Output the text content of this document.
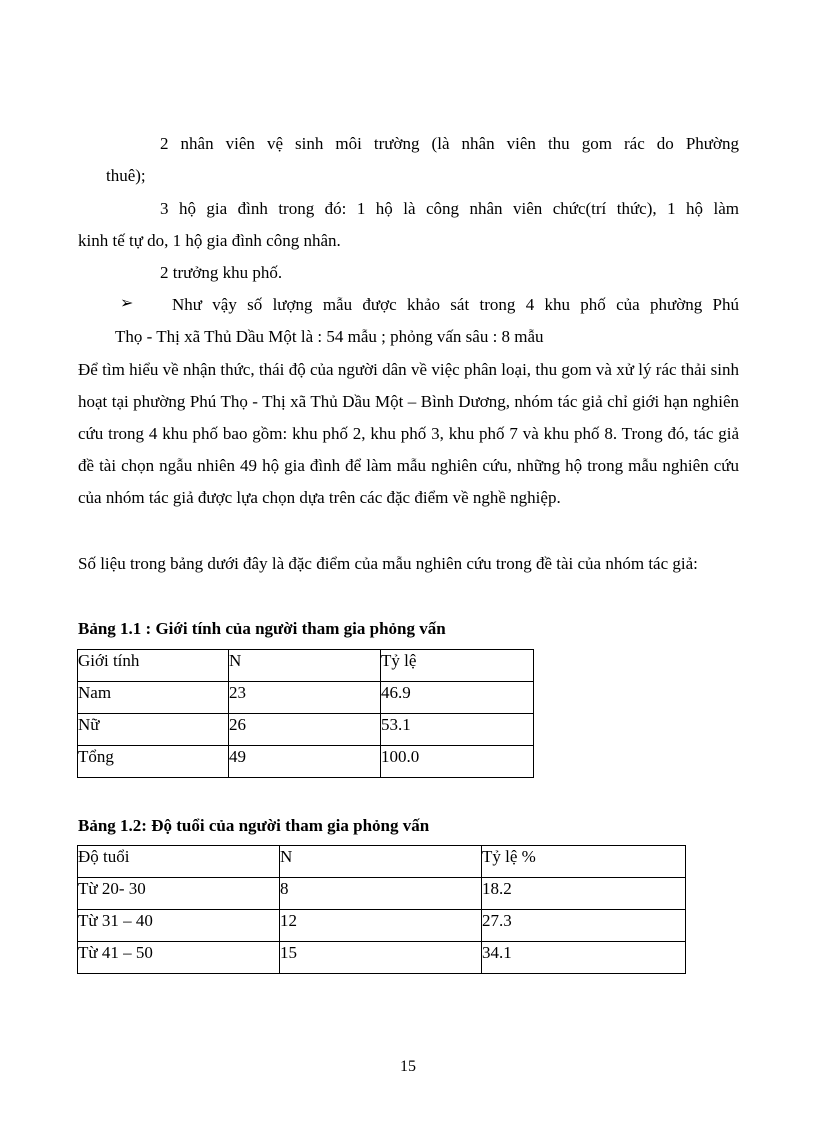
2 nhân viên vệ sinh môi trường (là nhân viên thu gom rác do Phường
thuê);
3 hộ gia đình trong đó: 1 hộ là công nhân viên chức(trí thức), 1 hộ làm
kinh tế tự do, 1 hộ gia đình công nhân.
2 trưởng khu phố.
➢ Như vậy số lượng mẫu được khảo sát trong 4 khu phố của phường Phú
Thọ - Thị xã Thủ Dầu Một là : 54 mẫu ; phỏng vấn sâu : 8 mẫu
Để tìm hiểu về nhận thức, thái độ của người dân về việc phân loại, thu gom và xử lý rác thải sinh hoạt tại phường Phú Thọ - Thị xã Thủ Dầu Một – Bình Dương, nhóm tác giả chỉ giới hạn nghiên cứu trong 4 khu phố bao gồm: khu phố 2, khu phố 3, khu phố 7 và khu phố 8. Trong đó, tác giả đề tài chọn ngẫu nhiên 49 hộ gia đình để làm mẫu nghiên cứu, những hộ trong mẫu nghiên cứu của nhóm tác giả được lựa chọn dựa trên các đặc điểm về nghề nghiệp.
Số liệu trong bảng dưới đây là đặc điểm của mẫu nghiên cứu trong đề tài của nhóm tác giả:
Bảng 1.1 : Giới tính của người tham gia phỏng vấn
Giới tính	N	Tỷ lệ
Nam	23	46.9
Nữ	26	53.1
Tổng	49	100.0
Bảng 1.2: Độ tuổi của người tham gia phỏng vấn
Độ tuổi	N	Tỷ lệ %
Từ 20- 30	8	18.2
Từ 31 – 40	12	27.3
Từ 41 – 50	15	34.1
15
